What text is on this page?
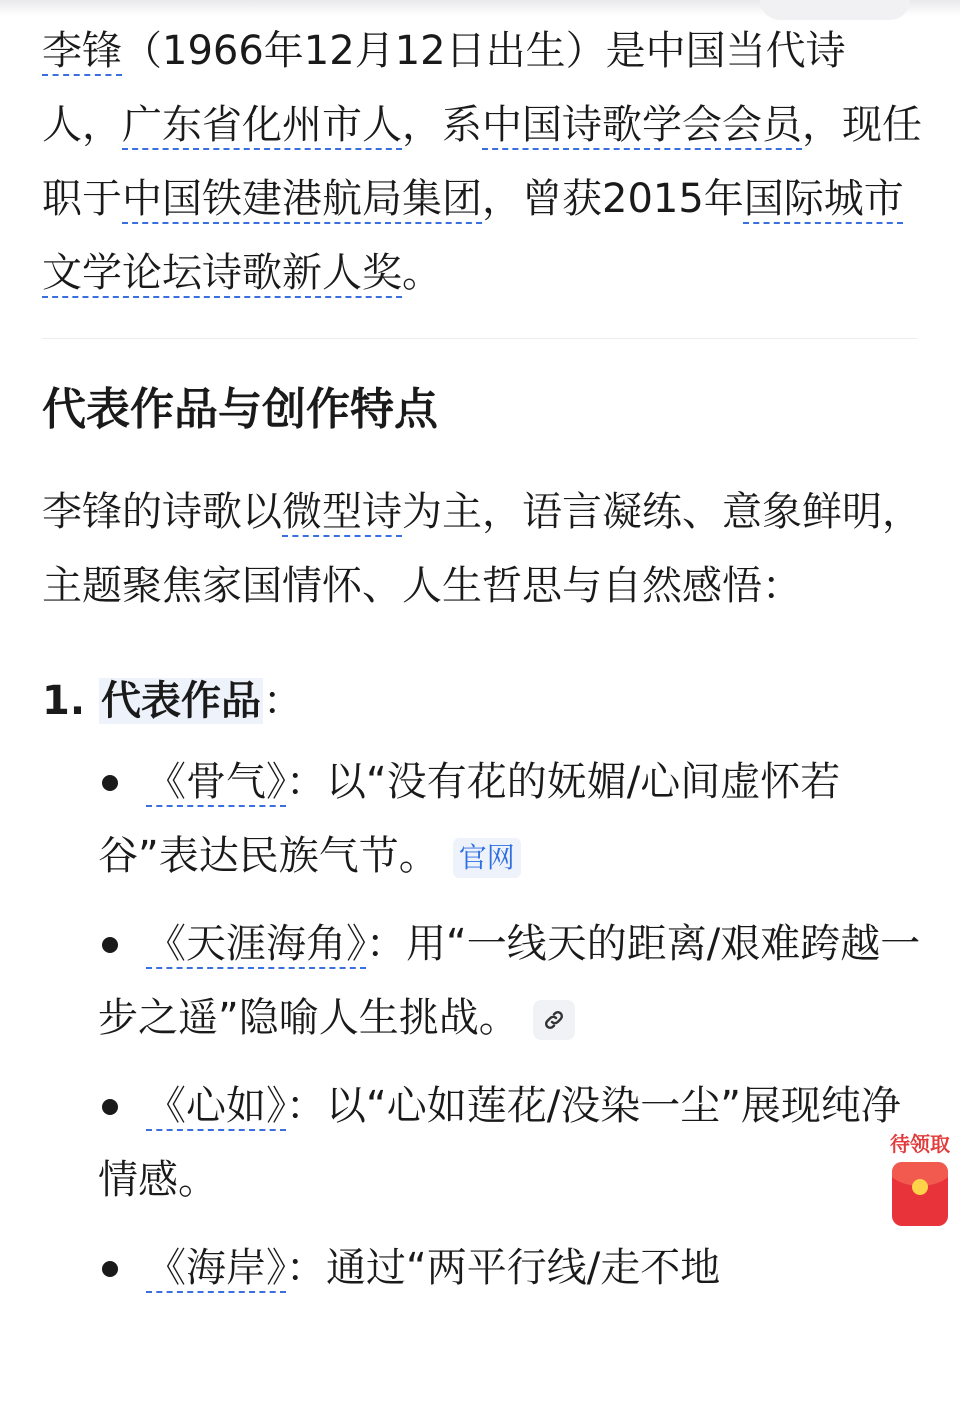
李锋（1966年12月12日出生）是中国当代诗人，广东省化州市人，系中国诗歌学会会员，现任职于中国铁建港航局集团，曾获2015年国际城市文学论坛诗歌新人奖。

代表作品与创作特点

李锋的诗歌以微型诗为主，语言凝练、意象鲜明，主题聚焦家国情怀、人生哲思与自然感悟：

1. 代表作品：
《骨气》：以“没有花的妩媚/心间虚怀若谷”表达民族气节。 官网
《天涯海角》：用“一线天的距离/艰难跨越一步之遥”隐喻人生挑战。
《心如》：以“心如莲花/没染一尘”展现纯净情感。
《海岸》：通过“两平行线/走不地
待领取
